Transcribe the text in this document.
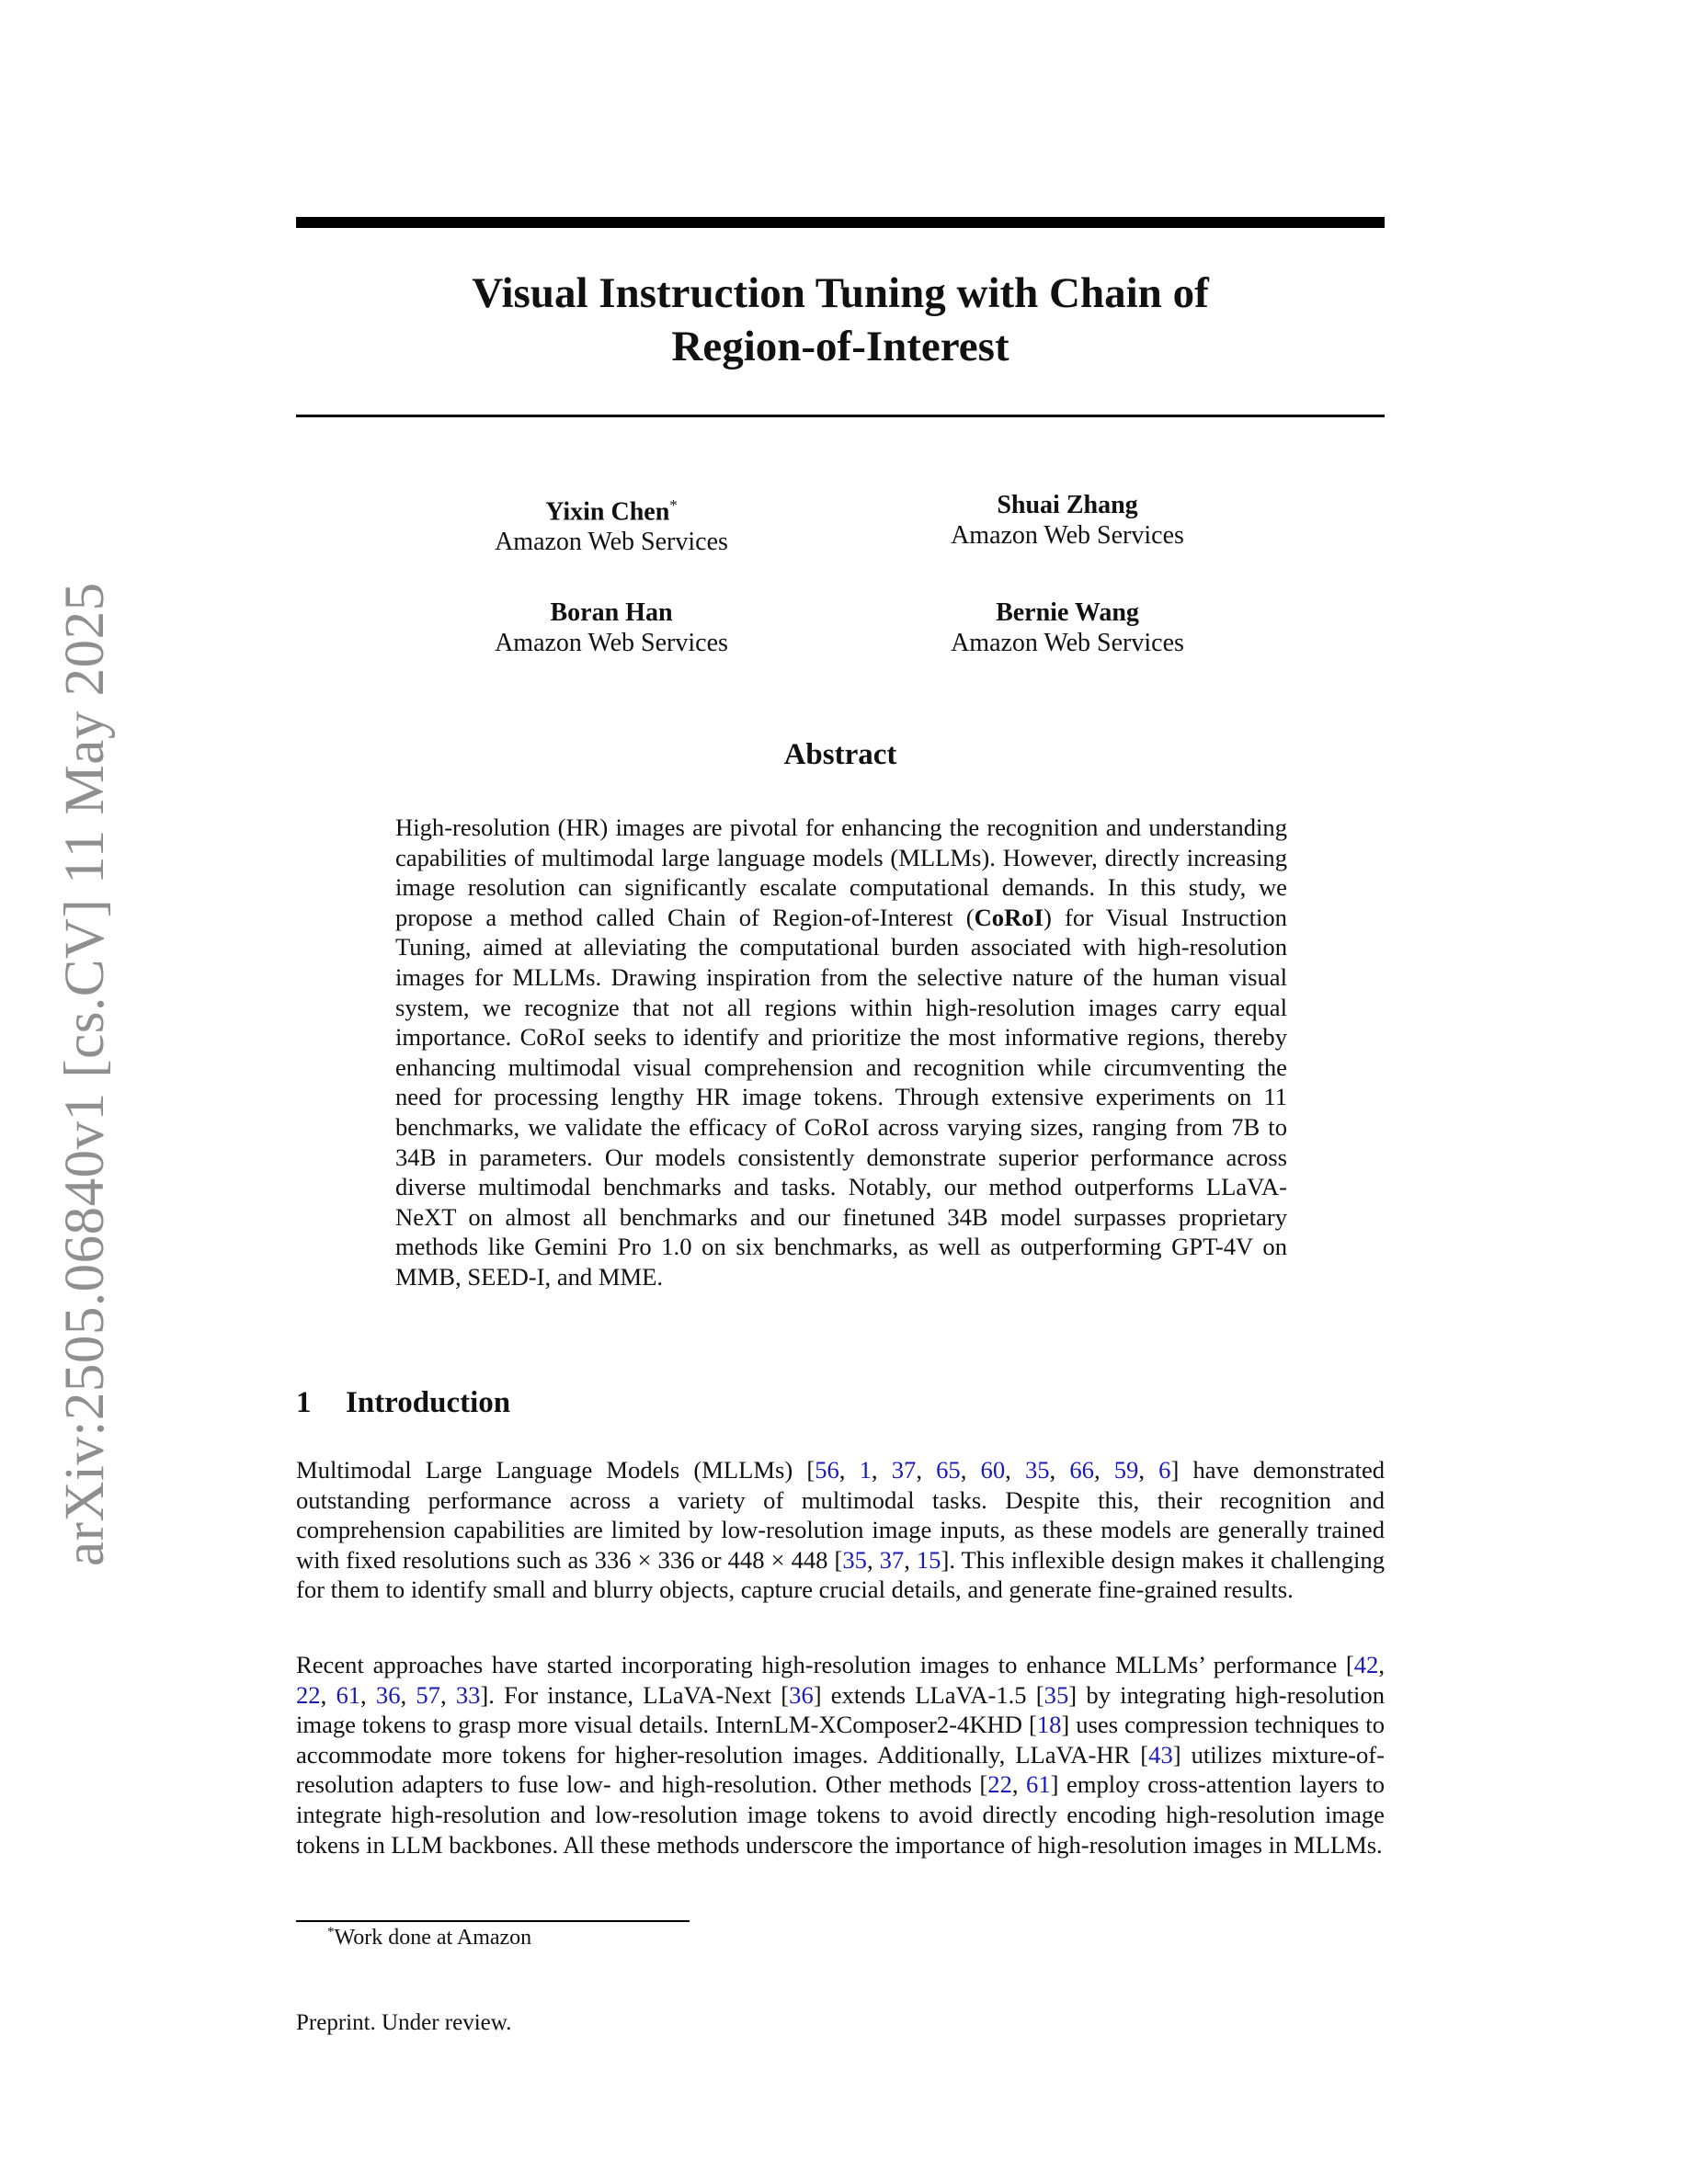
arXiv:2505.06840v1 [cs.CV] 11 May 2025
Visual Instruction Tuning with Chain of
Region-of-Interest
Yixin Chen*
Amazon Web Services
Shuai Zhang
Amazon Web Services
Boran Han
Amazon Web Services
Bernie Wang
Amazon Web Services
Abstract
High-resolution (HR) images are pivotal for enhancing the recognition and understanding capabilities of multimodal large language models (MLLMs). However, directly increasing image resolution can significantly escalate computational demands. In this study, we propose a method called Chain of Region-of-Interest (CoRoI) for Visual Instruction Tuning, aimed at alleviating the computational burden associated with high-resolution images for MLLMs. Drawing inspiration from the selective nature of the human visual system, we recognize that not all regions within high-resolution images carry equal importance. CoRoI seeks to identify and prioritize the most informative regions, thereby enhancing multimodal visual comprehension and recognition while circumventing the need for processing lengthy HR image tokens. Through extensive experiments on 11 benchmarks, we validate the efficacy of CoRoI across varying sizes, ranging from 7B to 34B in parameters. Our models consistently demonstrate superior performance across diverse multimodal benchmarks and tasks. Notably, our method outperforms LLaVA-NeXT on almost all benchmarks and our finetuned 34B model surpasses proprietary methods like Gemini Pro 1.0 on six benchmarks, as well as outperforming GPT-4V on MMB, SEED-I, and MME.
1 Introduction
Multimodal Large Language Models (MLLMs) [56, 1, 37, 65, 60, 35, 66, 59, 6] have demonstrated outstanding performance across a variety of multimodal tasks. Despite this, their recognition and comprehension capabilities are limited by low-resolution image inputs, as these models are generally trained with fixed resolutions such as 336 × 336 or 448 × 448 [35, 37, 15]. This inflexible design makes it challenging for them to identify small and blurry objects, capture crucial details, and generate fine-grained results.
Recent approaches have started incorporating high-resolution images to enhance MLLMs’ performance [42, 22, 61, 36, 57, 33]. For instance, LLaVA-Next [36] extends LLaVA-1.5 [35] by integrating high-resolution image tokens to grasp more visual details. InternLM-XComposer2-4KHD [18] uses compression techniques to accommodate more tokens for higher-resolution images. Additionally, LLaVA-HR [43] utilizes mixture-of-resolution adapters to fuse low- and high-resolution. Other methods [22, 61] employ cross-attention layers to integrate high-resolution and low-resolution image tokens to avoid directly encoding high-resolution image tokens in LLM backbones. All these methods underscore the importance of high-resolution images in MLLMs.
*Work done at Amazon
Preprint. Under review.
